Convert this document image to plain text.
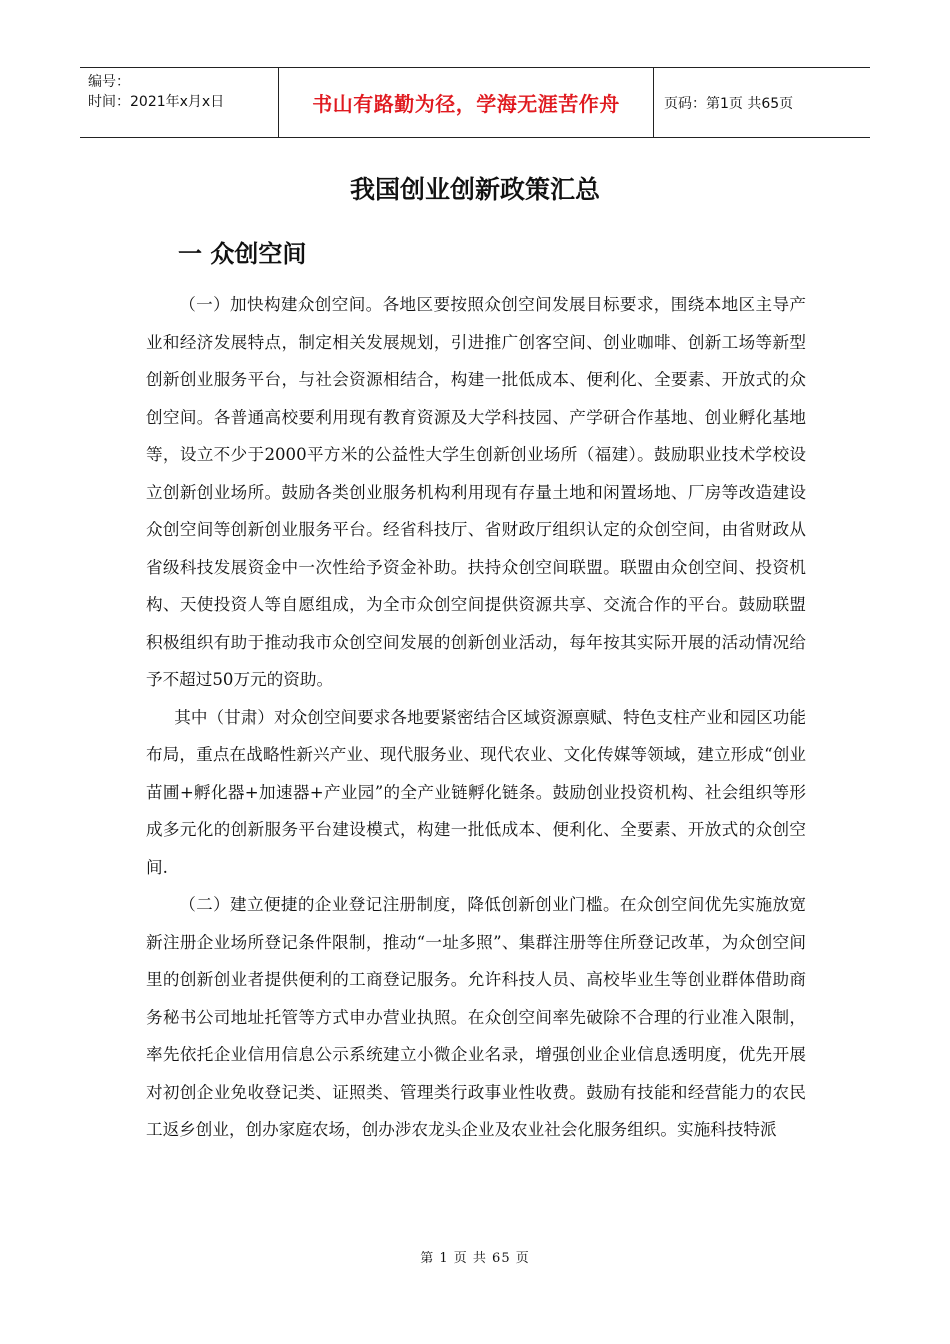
编号：
时间：2021年x月x日	书山有路勤为径，学海无涯苦作舟	页码：第1页 共65页
我国创业创新政策汇总
一 众创空间

（一）加快构建众创空间。各地区要按照众创空间发展目标要求，围绕本地区主导产业和经济发展特点，制定相关发展规划，引进推广创客空间、创业咖啡、创新工场等新型创新创业服务平台，与社会资源相结合，构建一批低成本、便利化、全要素、开放式的众创空间。各普通高校要利用现有教育资源及大学科技园、产学研合作基地、创业孵化基地等，设立不少于2000平方米的公益性大学生创新创业场所（福建）。鼓励职业技术学校设立创新创业场所。鼓励各类创业服务机构利用现有存量土地和闲置场地、厂房等改造建设众创空间等创新创业服务平台。经省科技厅、省财政厅组织认定的众创空间，由省财政从省级科技发展资金中一次性给予资金补助。扶持众创空间联盟。联盟由众创空间、投资机构、天使投资人等自愿组成，为全市众创空间提供资源共享、交流合作的平台。鼓励联盟积极组织有助于推动我市众创空间发展的创新创业活动，每年按其实际开展的活动情况给予不超过50万元的资助。

其中（甘肃）对众创空间要求各地要紧密结合区域资源禀赋、特色支柱产业和园区功能布局，重点在战略性新兴产业、现代服务业、现代农业、文化传媒等领域，建立形成“创业苗圃+孵化器+加速器+产业园”的全产业链孵化链条。鼓励创业投资机构、社会组织等形成多元化的创新服务平台建设模式，构建一批低成本、便利化、全要素、开放式的众创空间.

（二）建立便捷的企业登记注册制度，降低创新创业门槛。在众创空间优先实施放宽新注册企业场所登记条件限制，推动“一址多照”、集群注册等住所登记改革，为众创空间里的创新创业者提供便利的工商登记服务。允许科技人员、高校毕业生等创业群体借助商务秘书公司地址托管等方式申办营业执照。在众创空间率先破除不合理的行业准入限制，率先依托企业信用信息公示系统建立小微企业名录，增强创业企业信息透明度，优先开展对初创企业免收登记类、证照类、管理类行政事业性收费。鼓励有技能和经营能力的农民工返乡创业，创办家庭农场，创办涉农龙头企业及农业社会化服务组织。实施科技特派

第 1 页 共 65 页
